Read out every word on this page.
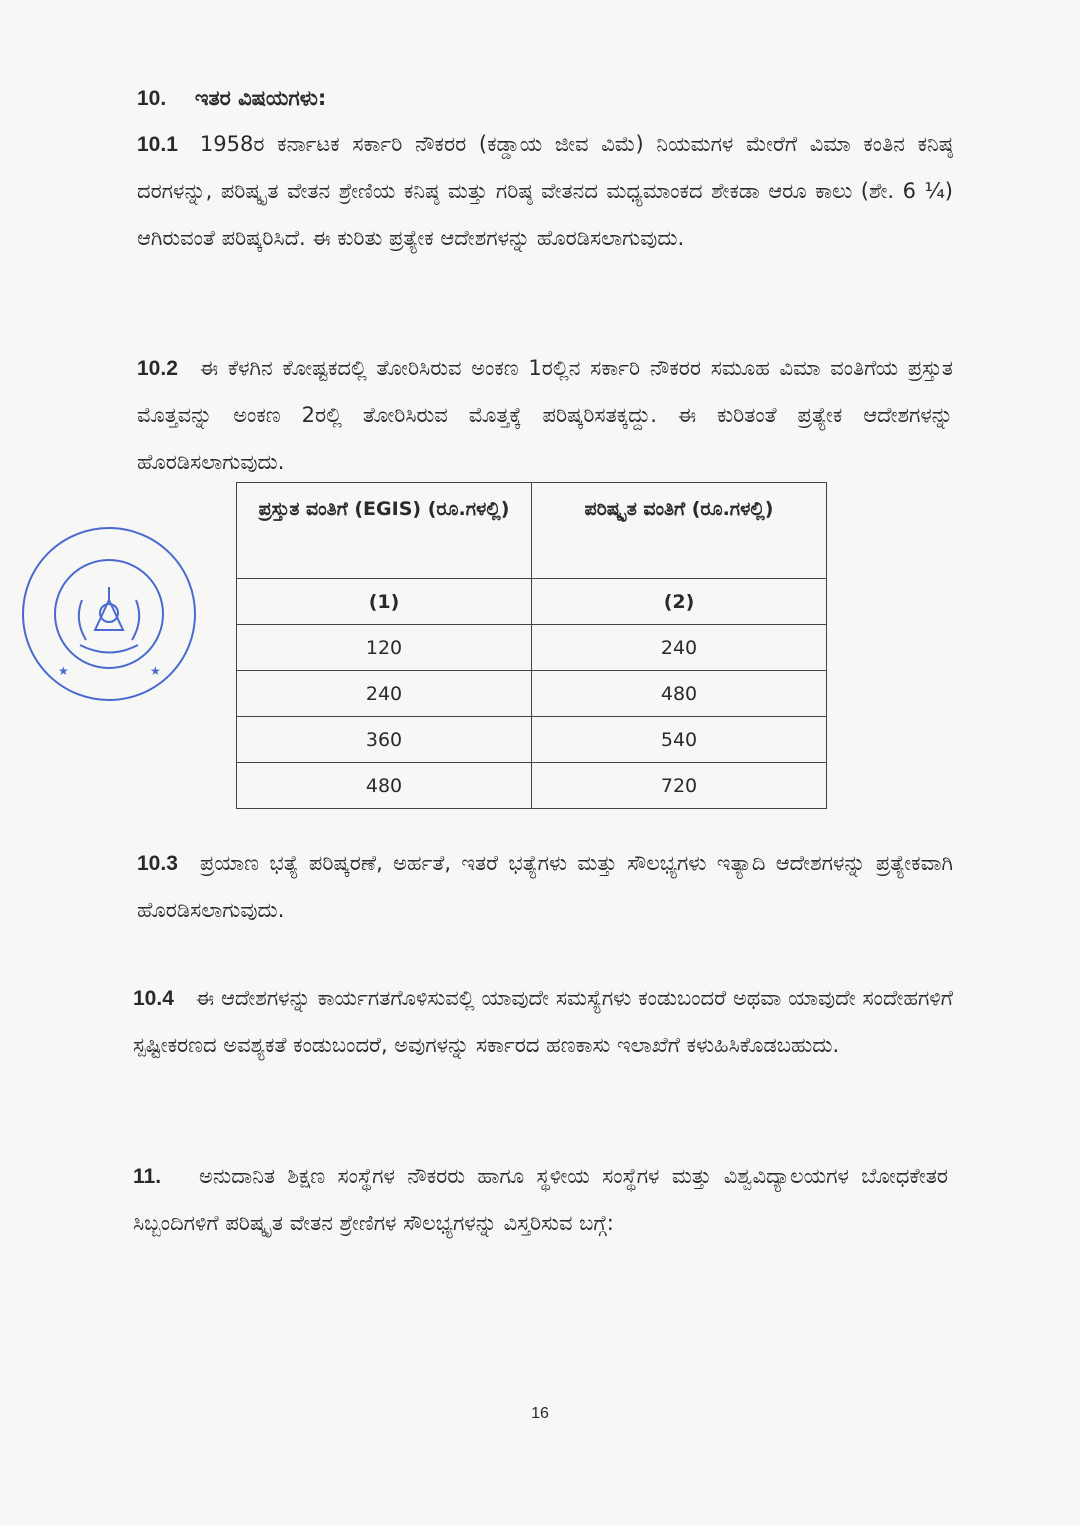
10. ಇತರ ವಿಷಯಗಳು:
10.1 1958ರ ಕರ್ನಾಟಕ ಸರ್ಕಾರಿ ನೌಕರರ (ಕಡ್ಡಾಯ ಜೀವ ವಿಮೆ) ನಿಯಮಗಳ ಮೇರೆಗೆ ವಿಮಾ ಕಂತಿನ ಕನಿಷ್ಠ ದರಗಳನ್ನು, ಪರಿಷ್ಕೃತ ವೇತನ ಶ್ರೇಣಿಯ ಕನಿಷ್ಠ ಮತ್ತು ಗರಿಷ್ಠ ವೇತನದ ಮಧ್ಯಮಾಂಕದ ಶೇಕಡಾ ಆರೂ ಕಾಲು (ಶೇ. 6 ¼) ಆಗಿರುವಂತೆ ಪರಿಷ್ಕರಿಸಿದೆ. ಈ ಕುರಿತು ಪ್ರತ್ಯೇಕ ಆದೇಶಗಳನ್ನು ಹೊರಡಿಸಲಾಗುವುದು.
10.2 ಈ ಕೆಳಗಿನ ಕೋಷ್ಟಕದಲ್ಲಿ ತೋರಿಸಿರುವ ಅಂಕಣ 1ರಲ್ಲಿನ ಸರ್ಕಾರಿ ನೌಕರರ ಸಮೂಹ ವಿಮಾ ವಂತಿಗೆಯ ಪ್ರಸ್ತುತ ಮೊತ್ತವನ್ನು ಅಂಕಣ 2ರಲ್ಲಿ ತೋರಿಸಿರುವ ಮೊತ್ತಕ್ಕೆ ಪರಿಷ್ಕರಿಸತಕ್ಕದ್ದು. ಈ ಕುರಿತಂತೆ ಪ್ರತ್ಯೇಕ ಆದೇಶಗಳನ್ನು ಹೊರಡಿಸಲಾಗುವುದು.
ಪ್ರಸ್ತುತ ವಂತಿಗೆ (EGIS) (ರೂ.ಗಳಲ್ಲಿ)	ಪರಿಷ್ಕೃತ ವಂತಿಗೆ (ರೂ.ಗಳಲ್ಲಿ)
(1)	(2)
120	240
240	480
360	540
480	720
★	★
10.3 ಪ್ರಯಾಣ ಭತ್ಯೆ ಪರಿಷ್ಕರಣೆ, ಅರ್ಹತೆ, ಇತರೆ ಭತ್ಯೆಗಳು ಮತ್ತು ಸೌಲಭ್ಯಗಳು ಇತ್ಯಾದಿ ಆದೇಶಗಳನ್ನು ಪ್ರತ್ಯೇಕವಾಗಿ ಹೊರಡಿಸಲಾಗುವುದು.
10.4 ಈ ಆದೇಶಗಳನ್ನು ಕಾರ್ಯಗತಗೊಳಿಸುವಲ್ಲಿ ಯಾವುದೇ ಸಮಸ್ಯೆಗಳು ಕಂಡುಬಂದರೆ ಅಥವಾ ಯಾವುದೇ ಸಂದೇಹಗಳಿಗೆ ಸ್ಪಷ್ಟೀಕರಣದ ಅವಶ್ಯಕತೆ ಕಂಡುಬಂದರೆ, ಅವುಗಳನ್ನು ಸರ್ಕಾರದ ಹಣಕಾಸು ಇಲಾಖೆಗೆ ಕಳುಹಿಸಿಕೊಡಬಹುದು.
11. ಅನುದಾನಿತ ಶಿಕ್ಷಣ ಸಂಸ್ಥೆಗಳ ನೌಕರರು ಹಾಗೂ ಸ್ಥಳೀಯ ಸಂಸ್ಥೆಗಳ ಮತ್ತು ವಿಶ್ವವಿದ್ಯಾಲಯಗಳ ಬೋಧಕೇತರ ಸಿಬ್ಬಂದಿಗಳಿಗೆ ಪರಿಷ್ಕೃತ ವೇತನ ಶ್ರೇಣಿಗಳ ಸೌಲಭ್ಯಗಳನ್ನು ವಿಸ್ತರಿಸುವ ಬಗ್ಗೆ:
16
